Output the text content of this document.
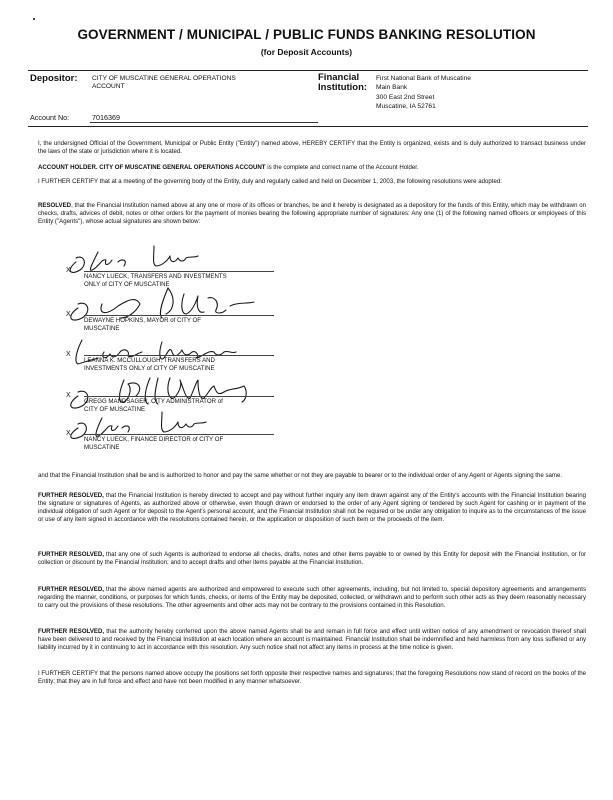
GOVERNMENT / MUNICIPAL / PUBLIC FUNDS BANKING RESOLUTION
(for Deposit Accounts)
Depositor: CITY OF MUSCATINE GENERAL OPERATIONS
ACCOUNT
Financial
Institution:
First National Bank of Muscatine
Main Bank
300 East 2nd Street
Muscatine, IA 52761
Account No:	7016369

I, the undersigned Official of the Government, Municipal or Public Entity ("Entity") named above, HEREBY CERTIFY that the Entity is organized, exists and is duly authorized to transact business under the laws of the state or jurisdiction where it is located.

ACCOUNT HOLDER. CITY OF MUSCATINE GENERAL OPERATIONS ACCOUNT is the complete and correct name of the Account Holder.

I FURTHER CERTIFY that at a meeting of the governing body of the Entity, duly and regularly called and held on December 1, 2003, the following resolutions were adopted:

RESOLVED, that the Financial Institution named above at any one or more of its offices or branches, be and it hereby is designated as a depository for the funds of this Entity, which may be withdrawn on checks, drafts, advices of debit, notes or other orders for the payment of monies bearing the following appropriate number of signatures: Any one (1) of the following named officers or employees of this Entity ("Agents"), whose actual signatures are shown below:

X
NANCY LUECK, TRANSFERS AND INVESTMENTS
ONLY of CITY OF MUSCATINE
X
DEWAYNE HOPKINS, MAYOR of CITY OF
MUSCATINE
X
LEANNA K. MCCULLOUGH, TRANSFERS AND
INVESTMENTS ONLY of CITY OF MUSCATINE
X
GREGG MANDSAGER, CITY ADMINISTRATOR of
CITY OF MUSCATINE
X
NANCY LUECK, FINANCE DIRECTOR of CITY OF
MUSCATINE

and that the Financial Institution shall be and is authorized to honor and pay the same whether or not they are payable to bearer or to the individual order of any Agent or Agents signing the same.

FURTHER RESOLVED, that the Financial Institution is hereby directed to accept and pay without further inquiry any item drawn against any of the Entity's accounts with the Financial Institution bearing the signature or signatures of Agents, as authorized above or otherwise, even though drawn or endorsed to the order of any Agent signing or tendered by such Agent for cashing or in payment of the individual obligation of such Agent or for deposit to the Agent's personal account, and the Financial Institution shall not be required or be under any obligation to inquire as to the circumstances of the issue or use of any item signed in accordance with the resolutions contained herein, or the application or disposition of such item or the proceeds of the item.

FURTHER RESOLVED, that any one of such Agents is authorized to endorse all checks, drafts, notes and other items payable to or owned by this Entity for deposit with the Financial Institution, or for collection or discount by the Financial Institution; and to accept drafts and other items payable at the Financial Institution.

FURTHER RESOLVED, that the above named agents are authorized and empowered to execute such other agreements, including, but not limited to, special depository agreements and arrangements regarding the manner, conditions, or purposes for which funds, checks, or items of the Entity may be deposited, collected, or withdrawn and to perform such other acts as they deem reasonably necessary to carry out the provisions of these resolutions. The other agreements and other acts may not be contrary to the provisions contained in this Resolution.

FURTHER RESOLVED, that the authority hereby conferred upon the above named Agents shall be and remain in full force and effect until written notice of any amendment or revocation thereof shall have been delivered to and received by the Financial Institution at each location where an account is maintained. Financial Institution shall be indemnified and held harmless from any loss suffered or any liability incurred by it in continuing to act in accordance with this resolution. Any such notice shall not affect any items in process at the time notice is given.

I FURTHER CERTIFY that the persons named above occupy the positions set forth opposite their respective names and signatures; that the foregoing Resolutions now stand of record on the books of the Entity; that they are in full force and effect and have not been modified in any manner whatsoever.
